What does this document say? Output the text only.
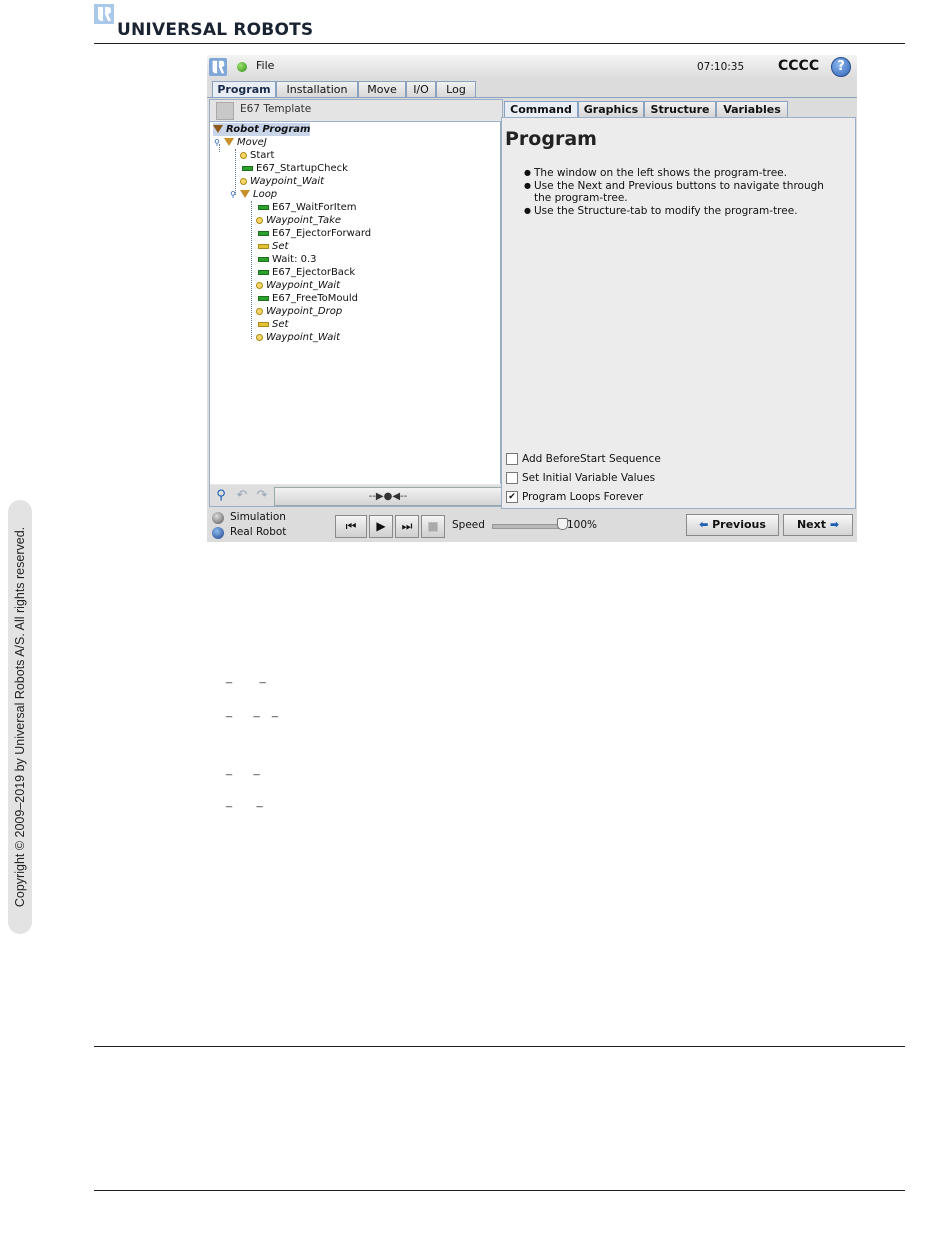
UNIVERSAL ROBOTS
Copyright © 2009–2019 by Universal Robots A/S. All rights reserved.
File	07:10:35 CCCC	?
Program	Installation	Move	I/O	Log
E67 Template
Robot Program
⚲ MoveJ
Start
E67_StartupCheck
Waypoint_Wait
⚲ Loop
E67_WaitForItem
Waypoint_Take
E67_EjectorForward
Set
Wait: 0.3
E67_EjectorBack
Waypoint_Wait
E67_FreeToMould
Waypoint_Drop
Set
Waypoint_Wait
⚲ ↶ ↷	--▶●◀--
Command	Graphics	Structure	Variables
Program
● The window on the left shows the program-tree.
● Use the Next and Previous buttons to navigate through the program-tree.
● Use the Structure-tab to modify the program-tree.
Add BeforeStart Sequence
Set Initial Variable Values
✔ Program Loops Forever
Simulation
Real Robot	⏮	▶	⏭	■	Speed	100%	⬅ Previous	Next ➡
_         _
_       _    _
_       _
_        _
